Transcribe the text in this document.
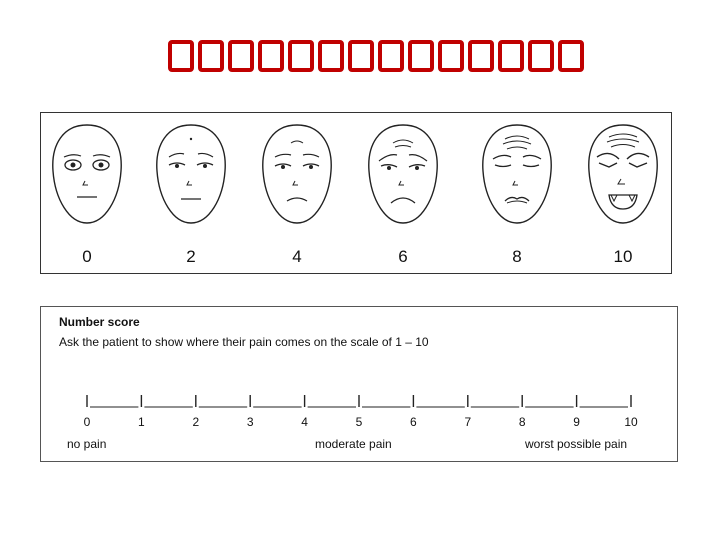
0	2	4	6	8	10
Number score
Ask the patient to show where their pain comes on the scale of 1 – 10
no pain	moderate pain	worst possible pain
0	1	2	3	4	5	6	7	8	9	10
